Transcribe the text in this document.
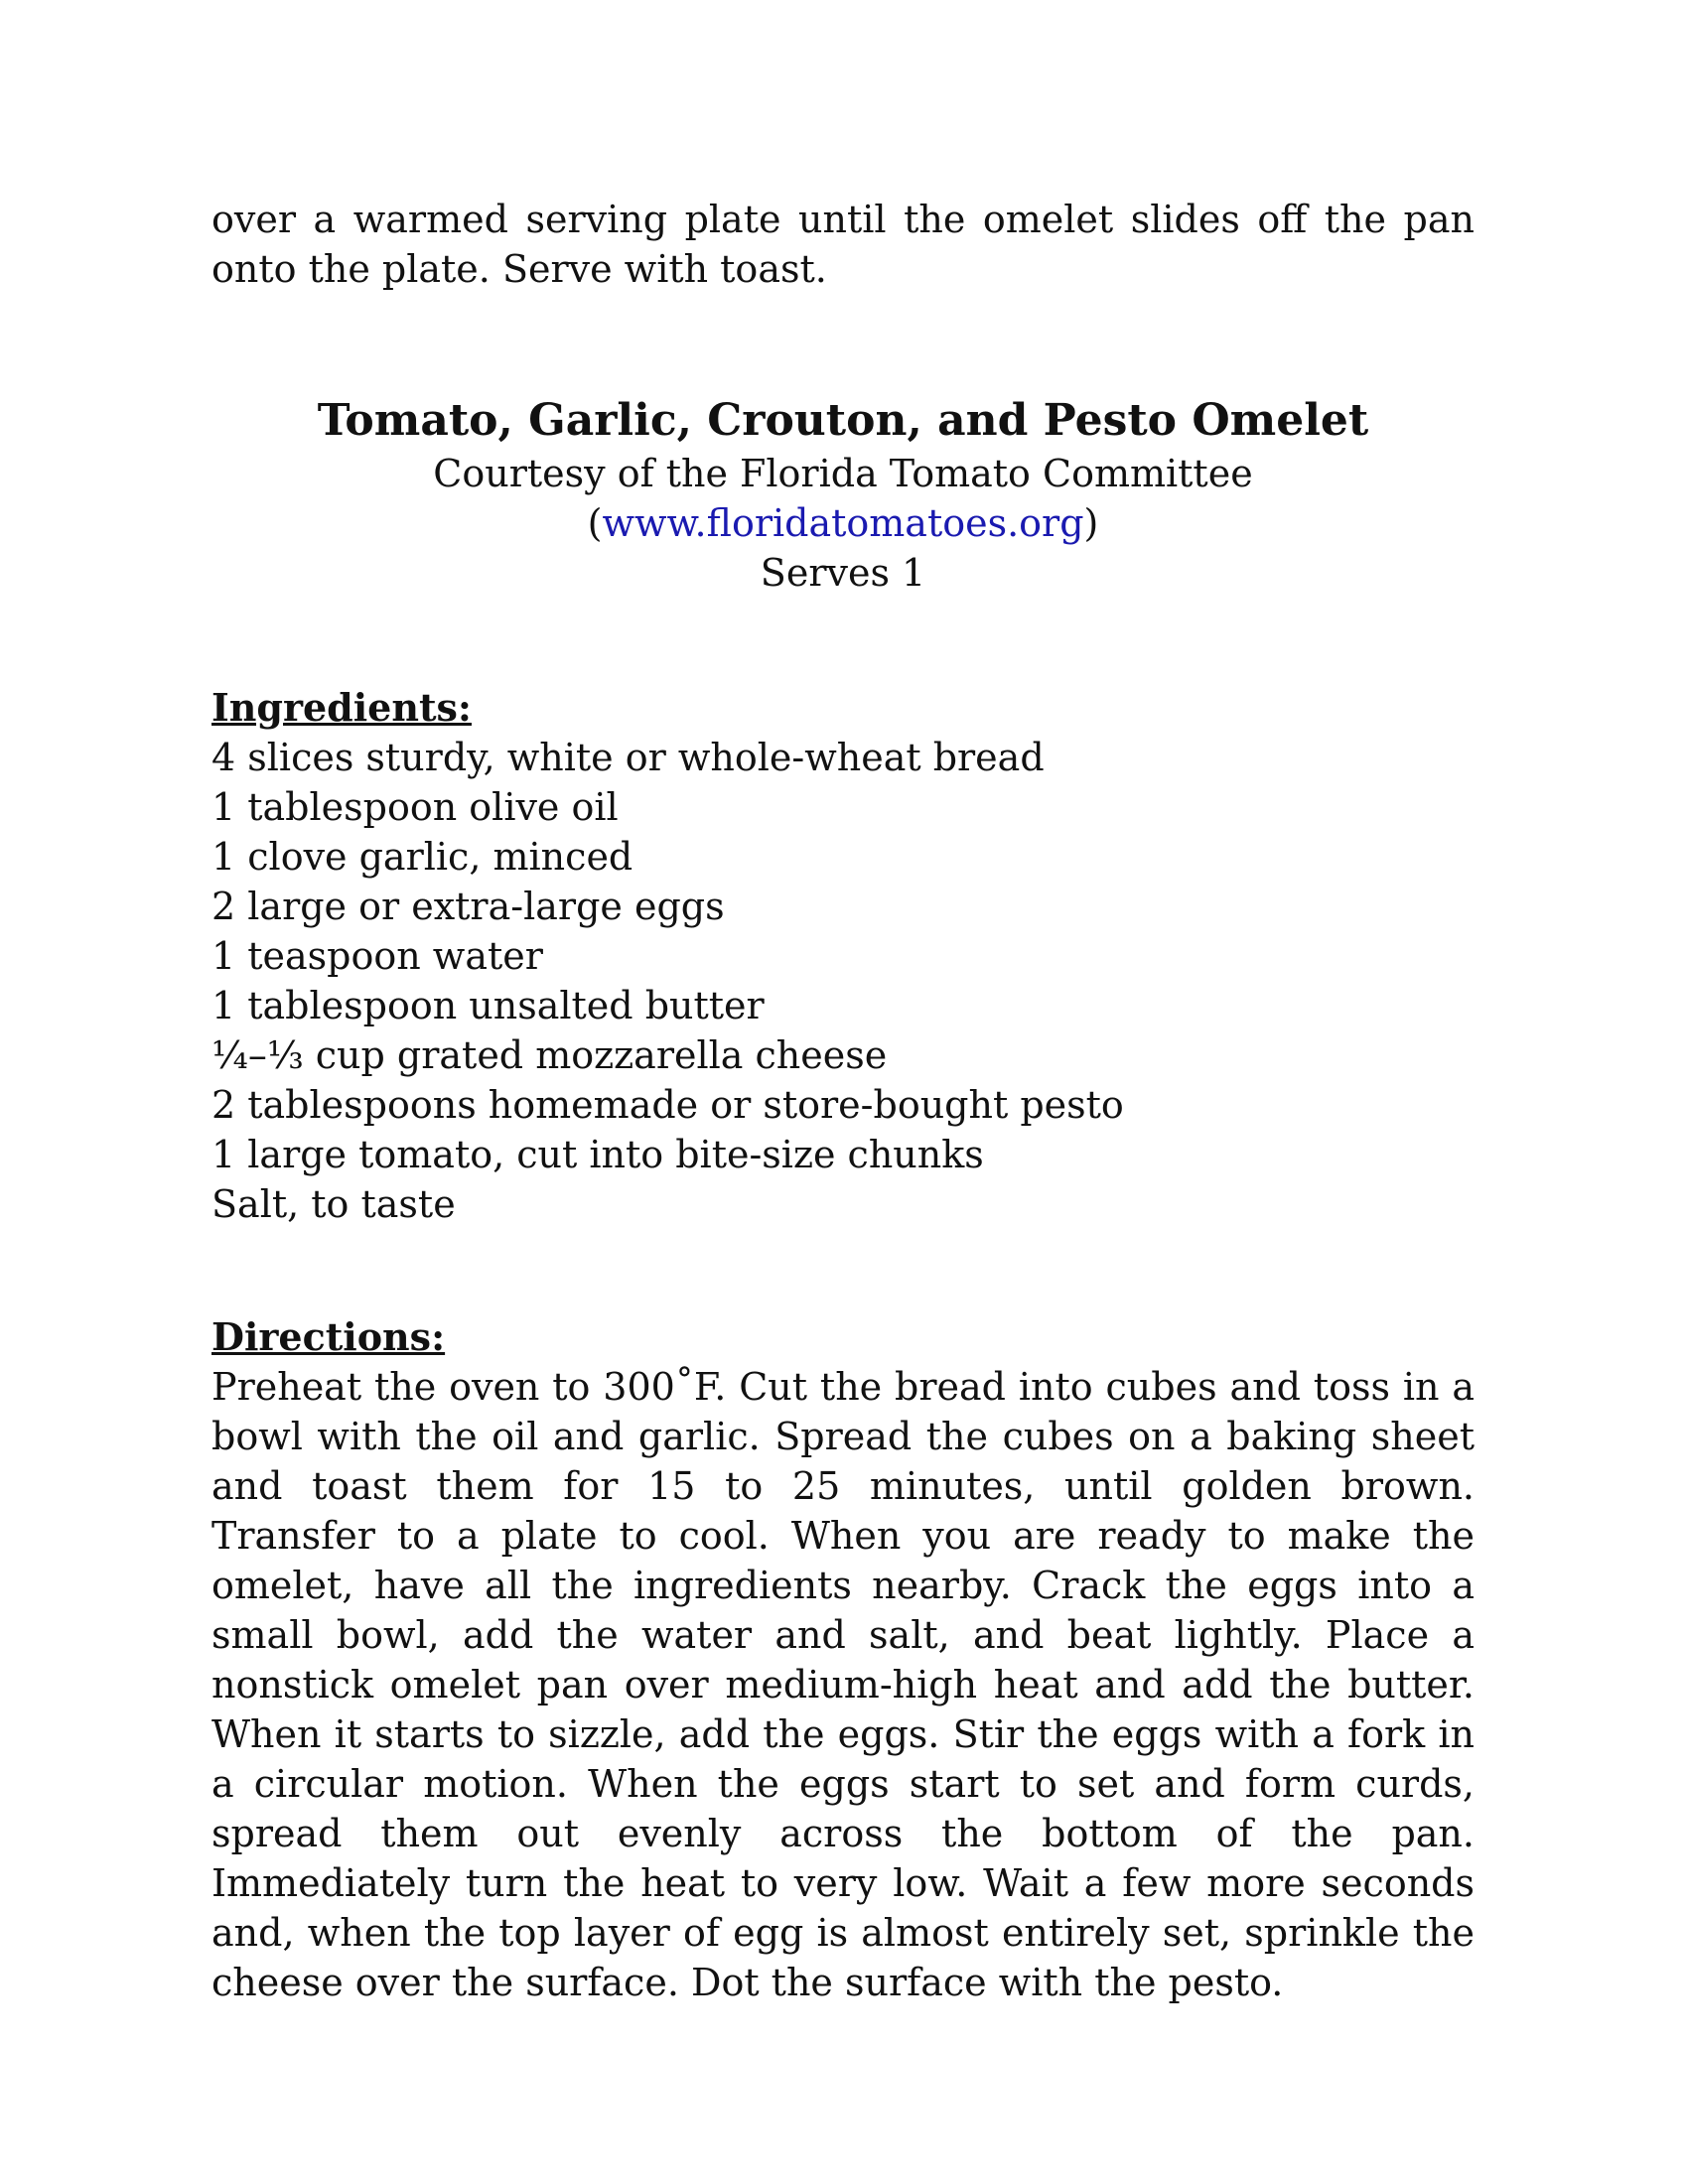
over a warmed serving plate until the omelet slides off the pan onto the plate. Serve with toast.

Tomato, Garlic, Crouton, and Pesto Omelet

Courtesy of the Florida Tomato Committee

(www.floridatomatoes.org)

Serves 1

Ingredients:
4 slices sturdy, white or whole-wheat bread
1 tablespoon olive oil
1 clove garlic, minced
2 large or extra-large eggs
1 teaspoon water
1 tablespoon unsalted butter
¼–⅓ cup grated mozzarella cheese
2 tablespoons homemade or store-bought pesto
1 large tomato, cut into bite-size chunks
Salt, to taste
Directions:

Preheat the oven to 300˚F. Cut the bread into cubes and toss in a bowl with the oil and garlic. Spread the cubes on a baking sheet and toast them for 15 to 25 minutes, until golden brown. Transfer to a plate to cool. When you are ready to make the omelet, have all the ingredients nearby. Crack the eggs into a small bowl, add the water and salt, and beat lightly. Place a nonstick omelet pan over medium-high heat and add the butter. When it starts to sizzle, add the eggs. Stir the eggs with a fork in a circular motion. When the eggs start to set and form curds, spread them out evenly across the bottom of the pan. Immediately turn the heat to very low. Wait a few more seconds and, when the top layer of egg is almost entirely set, sprinkle the cheese over the surface. Dot the surface with the pesto.
